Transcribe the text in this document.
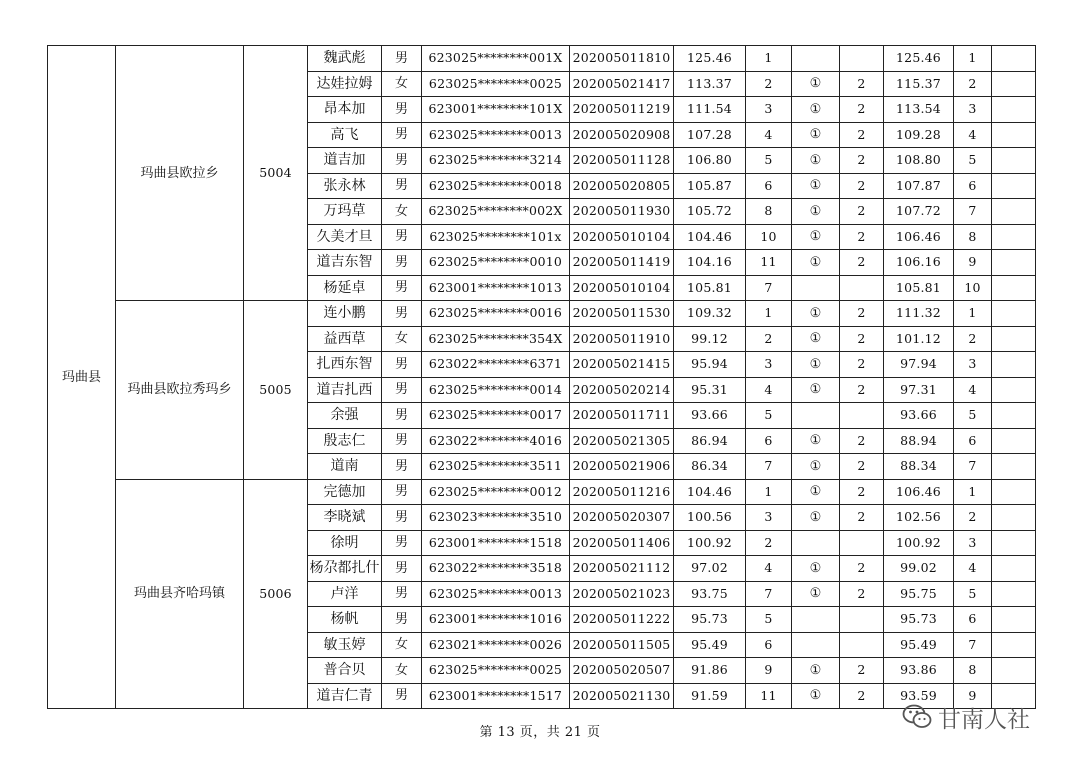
玛曲县	玛曲县欧拉乡	5004	魏武彪	男	623025********001X	202005011810	125.46	1			125.46	1	
			达娃拉姆	女	623025********0025	202005021417	113.37	2	①	2	115.37	2	
			昂本加	男	623001********101X	202005011219	111.54	3	①	2	113.54	3	
			高飞	男	623025********0013	202005020908	107.28	4	①	2	109.28	4	
			道吉加	男	623025********3214	202005011128	106.80	5	①	2	108.80	5	
			张永林	男	623025********0018	202005020805	105.87	6	①	2	107.87	6	
			万玛草	女	623025********002X	202005011930	105.72	8	①	2	107.72	7	
			久美才旦	男	623025********101x	202005010104	104.46	10	①	2	106.46	8	
			道吉东智	男	623025********0010	202005011419	104.16	11	①	2	106.16	9	
			杨延卓	男	623001********1013	202005010104	105.81	7			105.81	10	
	玛曲县欧拉秀玛乡	5005	连小鹏	男	623025********0016	202005011530	109.32	1	①	2	111.32	1	
			益西草	女	623025********354X	202005011910	99.12	2	①	2	101.12	2	
			扎西东智	男	623022********6371	202005021415	95.94	3	①	2	97.94	3	
			道吉扎西	男	623025********0014	202005020214	95.31	4	①	2	97.31	4	
			余强	男	623025********0017	202005011711	93.66	5			93.66	5	
			殷志仁	男	623022********4016	202005021305	86.94	6	①	2	88.94	6	
			道南	男	623025********3511	202005021906	86.34	7	①	2	88.34	7	
	玛曲县齐哈玛镇	5006	完德加	男	623025********0012	202005011216	104.46	1	①	2	106.46	1	
			李晓斌	男	623023********3510	202005020307	100.56	3	①	2	102.56	2	
			徐明	男	623001********1518	202005011406	100.92	2			100.92	3	
			杨尕都扎什	男	623022********3518	202005021112	97.02	4	①	2	99.02	4	
			卢洋	男	623025********0013	202005021023	93.75	7	①	2	95.75	5	
			杨帆	男	623001********1016	202005011222	95.73	5			95.73	6	
			敏玉婷	女	623021********0026	202005011505	95.49	6			95.49	7	
			普合贝	女	623025********0025	202005020507	91.86	9	①	2	93.86	8	
			道吉仁青	男	623001********1517	202005021130	91.59	11	①	2	93.59	9	
第 13 页，共 21 页	甘南人社
